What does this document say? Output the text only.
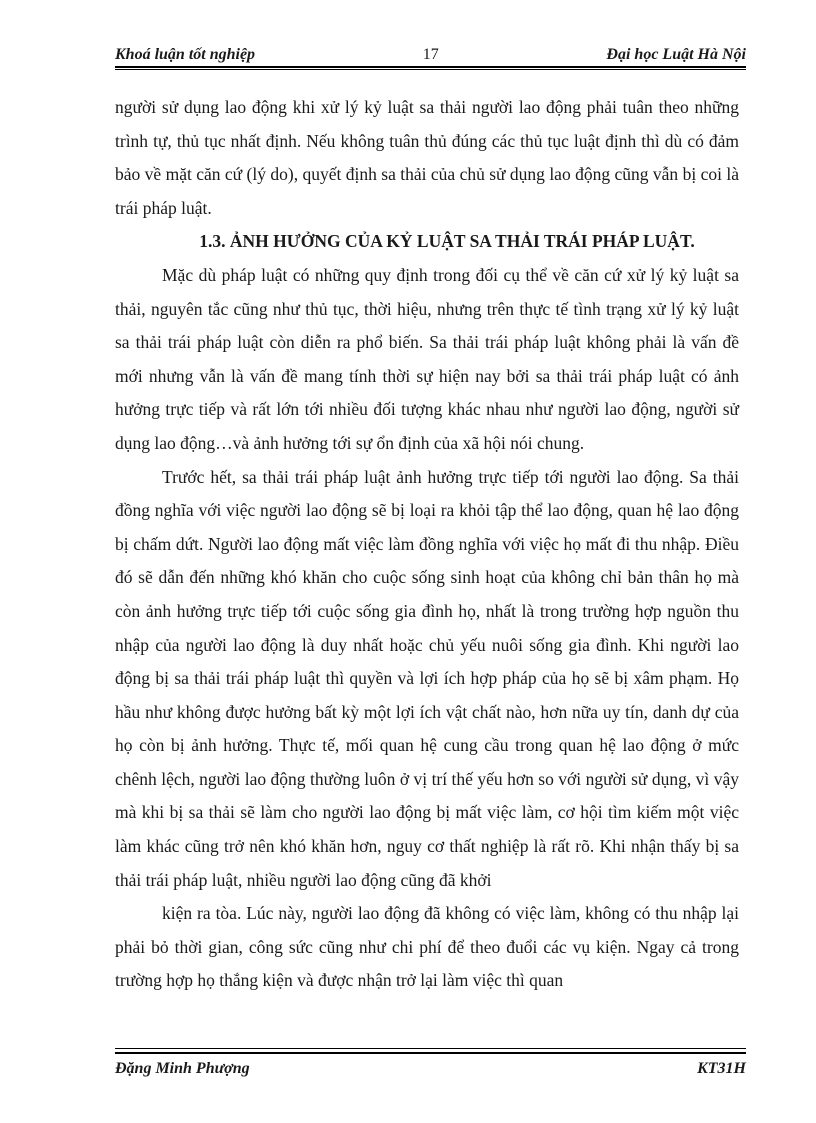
Khoá luận tốt nghiệp	17	Đại học Luật Hà Nội

người sử dụng lao động khi xử lý kỷ luật sa thải người lao động phải tuân theo những trình tự, thủ tục nhất định. Nếu không tuân thủ đúng các thủ tục luật định thì dù có đảm bảo về mặt căn cứ (lý do), quyết định sa thải của chủ sử dụng lao động cũng vẫn bị coi là trái pháp luật.

1.3. ẢNH HƯỞNG CỦA KỶ LUẬT SA THẢI TRÁI PHÁP LUẬT.

Mặc dù pháp luật có những quy định trong đối cụ thể về căn cứ xử lý kỷ luật sa thải, nguyên tắc cũng như thủ tục, thời hiệu, nhưng trên thực tế tình trạng xử lý kỷ luật sa thải trái pháp luật còn diễn ra phổ biến. Sa thải trái pháp luật không phải là vấn đề mới nhưng vẫn là vấn đề mang tính thời sự hiện nay bởi sa thải trái pháp luật có ảnh hưởng trực tiếp và rất lớn tới nhiều đối tượng khác nhau như người lao động, người sử dụng lao động…và ảnh hưởng tới sự ổn định của xã hội nói chung.

Trước hết, sa thải trái pháp luật ảnh hưởng trực tiếp tới người lao động. Sa thải đồng nghĩa với việc người lao động sẽ bị loại ra khỏi tập thể lao động, quan hệ lao động bị chấm dứt. Người lao động mất việc làm đồng nghĩa với việc họ mất đi thu nhập. Điều đó sẽ dẫn đến những khó khăn cho cuộc sống sinh hoạt của không chỉ bản thân họ mà còn ảnh hưởng trực tiếp tới cuộc sống gia đình họ, nhất là trong trường hợp nguồn thu nhập của người lao động là duy nhất hoặc chủ yếu nuôi sống gia đình. Khi người lao động bị sa thải trái pháp luật thì quyền và lợi ích hợp pháp của họ sẽ bị xâm phạm. Họ hầu như không được hưởng bất kỳ một lợi ích vật chất nào, hơn nữa uy tín, danh dự của họ còn bị ảnh hưởng. Thực tế, mối quan hệ cung cầu trong quan hệ lao động ở mức chênh lệch, người lao động thường luôn ở vị trí thế yếu hơn so với người sử dụng, vì vậy mà khi bị sa thải sẽ làm cho người lao động bị mất việc làm, cơ hội tìm kiếm một việc làm khác cũng trở nên khó khăn hơn, nguy cơ thất nghiệp là rất rõ. Khi nhận thấy bị sa thải trái pháp luật, nhiều người lao động cũng đã khởi

kiện ra tòa. Lúc này, người lao động đã không có việc làm, không có thu nhập lại phải bỏ thời gian, công sức cũng như chi phí để theo đuổi các vụ kiện. Ngay cả trong trường hợp họ thắng kiện và được nhận trở lại làm việc thì quan

Đặng Minh Phượng	KT31H
